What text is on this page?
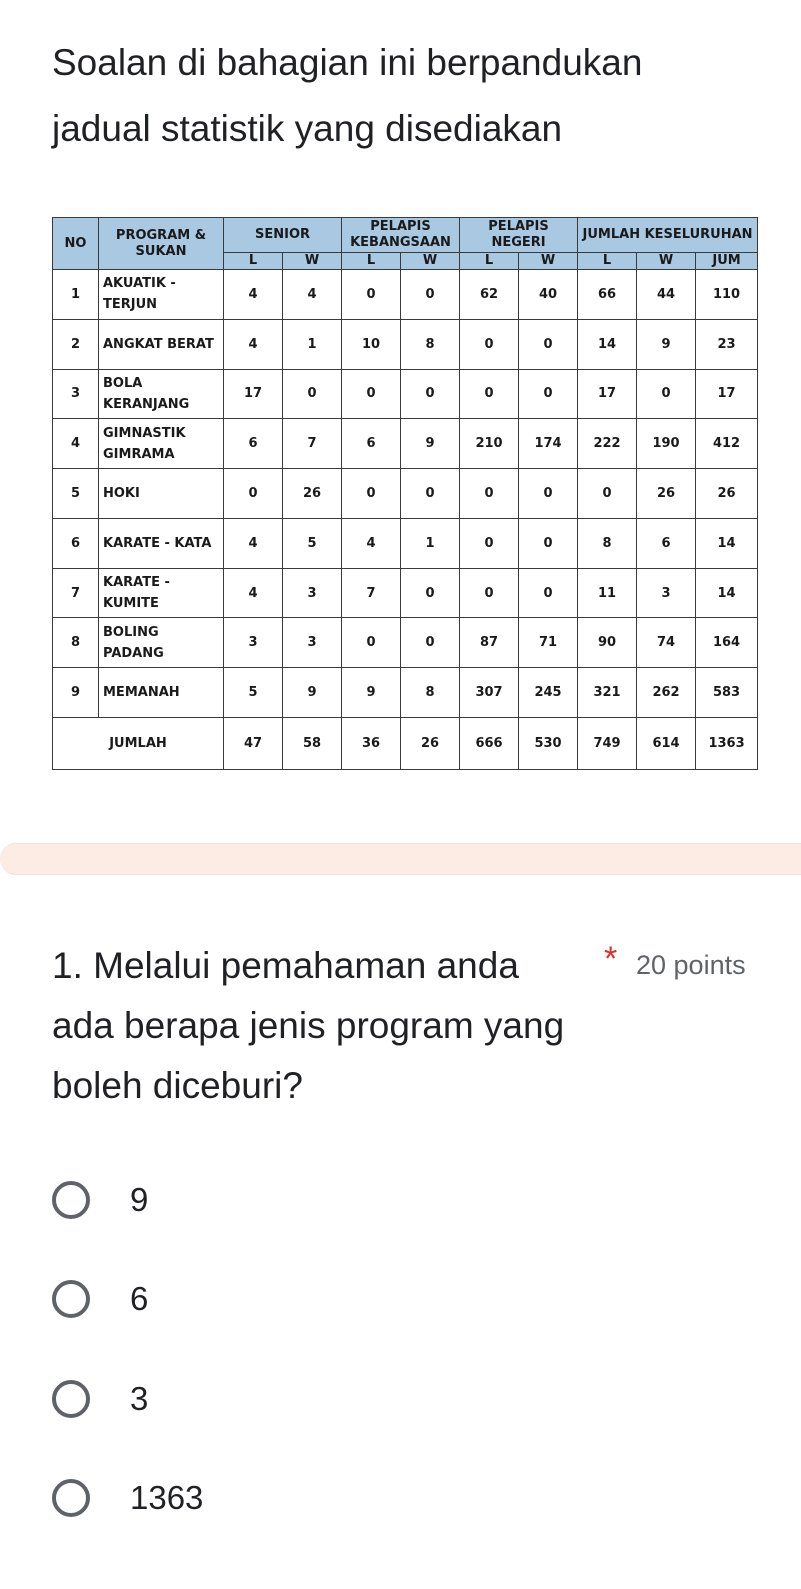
Soalan di bahagian ini berpandukan
jadual statistik yang disediakan
NO	PROGRAM & SUKAN	SENIOR		PELAPIS KEBANGSAAN		PELAPIS NEGERI		JUMLAH KESELURUHAN		
		L	W	L	W	L	W	L	W	JUM
1	AKUATIK - TERJUN	4	4	0	0	62	40	66	44	110
2	ANGKAT BERAT	4	1	10	8	0	0	14	9	23
3	BOLA KERANJANG	17	0	0	0	0	0	17	0	17
4	GIMNASTIK GIMRAMA	6	7	6	9	210	174	222	190	412
5	HOKI	0	26	0	0	0	0	0	26	26
6	KARATE - KATA	4	5	4	1	0	0	8	6	14
7	KARATE - KUMITE	4	3	7	0	0	0	11	3	14
8	BOLING PADANG	3	3	0	0	87	71	90	74	164
9	MEMANAH	5	9	9	8	307	245	321	262	583
JUMLAH		47	58	36	26	666	530	749	614	1363
1. Melalui pemahaman anda
ada berapa jenis program yang
boleh diceburi?
* 20 points
9
6
3
1363
